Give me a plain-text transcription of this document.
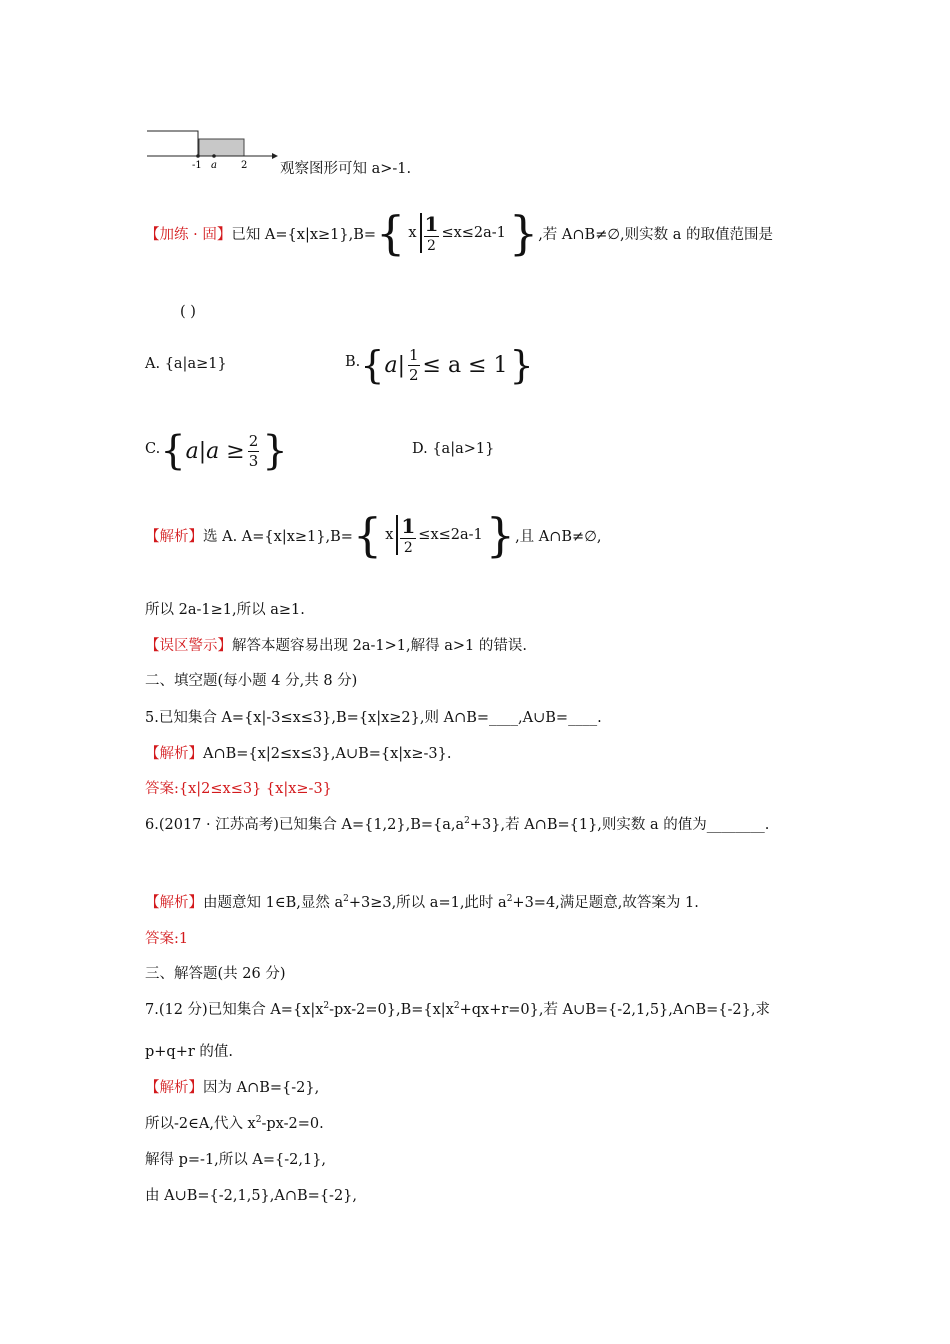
-1 a 2 观察图形可知 a>-1.
【加练 · 固】 已知 A={x|x≥1},B= { x $\frac{1}{2} \le x\le 2a-1$ } ,若 A∩B≠∅,则实数 a 的取值范围是
( )
A. {a|a≥1}	B. { $a| \frac{1}{2} \le a \le 1$ }
C. { $a|a \ge \frac{2}{3}$ }	D. {a|a>1}
【解析】 选 A. A={x|x≥1},B= { x $\frac{1}{2} \le x\le 2a-1$ } ,且 A∩B≠∅,
所以 2a-1≥1,所以 a≥1.
【误区警示】解答本题容易出现 2a-1>1,解得 a>1 的错误.
二、填空题(每小题 4 分,共 8 分)
5.已知集合 A={x|-3≤x≤3},B={x|x≥2},则 A∩B=____,A∪B=____.
【解析】A∩B={x|2≤x≤3},A∪B={x|x≥-3}.
答案:{x|2≤x≤3} {x|x≥-3}
6.(2017 · 江苏高考)已知集合 $A=\{1,2\},B=\{a,a^2+3\}$,若 A∩B={1},则实数 a 的值为________.
【解析】由题意知 1∈B,显然 $a^2+3\ge 3$,所以 a=1,此时 $a^2+3=4$,满足题意,故答案为 1.
答案:1
三、解答题(共 26 分)
7.(12 分)已知集合 $A=\{x|x^2-px-2=0\},B=\{x|x^2+qx+r=0\}$,若 A∪B={-2,1,5},A∩B={-2},求
p+q+r 的值.
【解析】因为 A∩B={-2},
所以-2∈A,代入 $x^2-px-2=0$.
解得 p=-1,所以 A={-2,1},
由 A∪B={-2,1,5},A∩B={-2},
